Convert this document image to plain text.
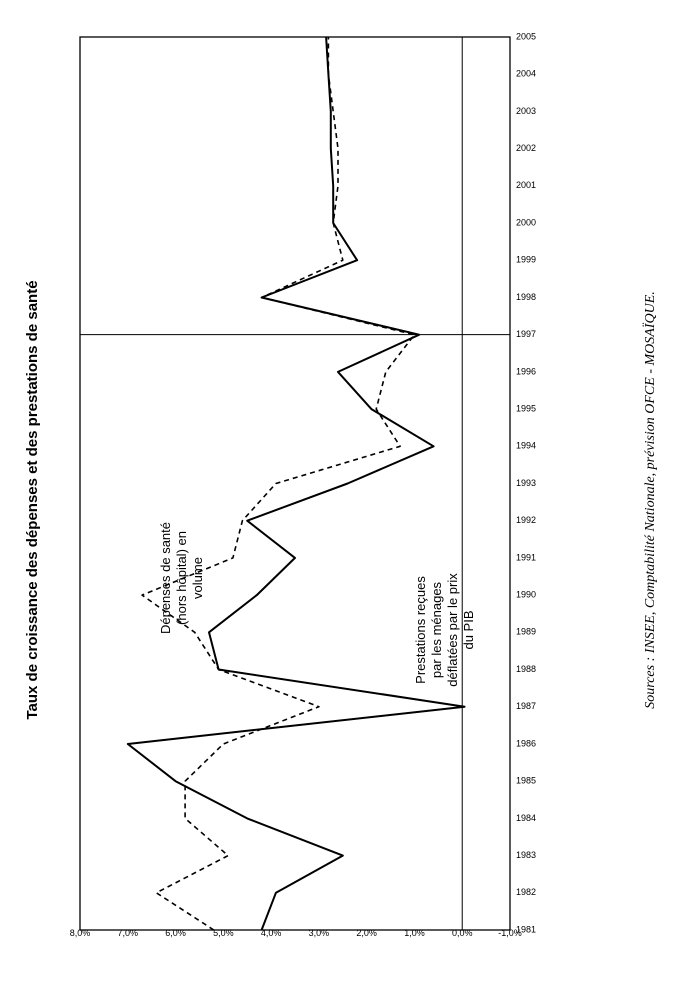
1981
1982
1983
1984
1985
1986
1987
1988
1989
1990
1991
1992
1993
1994
1995
1996
1997
1998
1999
2000
2001
2002
2003
2004
2005
-1,0%
0,0%
1,0%
2,0%
3,0%
4,0%
5,0%
6,0%
7,0%
8,0%
Dépenses de santé (hors hôpital) en volume	Prestations reçues par les ménages déflatées par le prix du PIB
Taux de croissance des dépenses et des prestations de santé	Sources : INSEE, Comptabilité Nationale, prévision OFCE - MOSAÏQUE.
